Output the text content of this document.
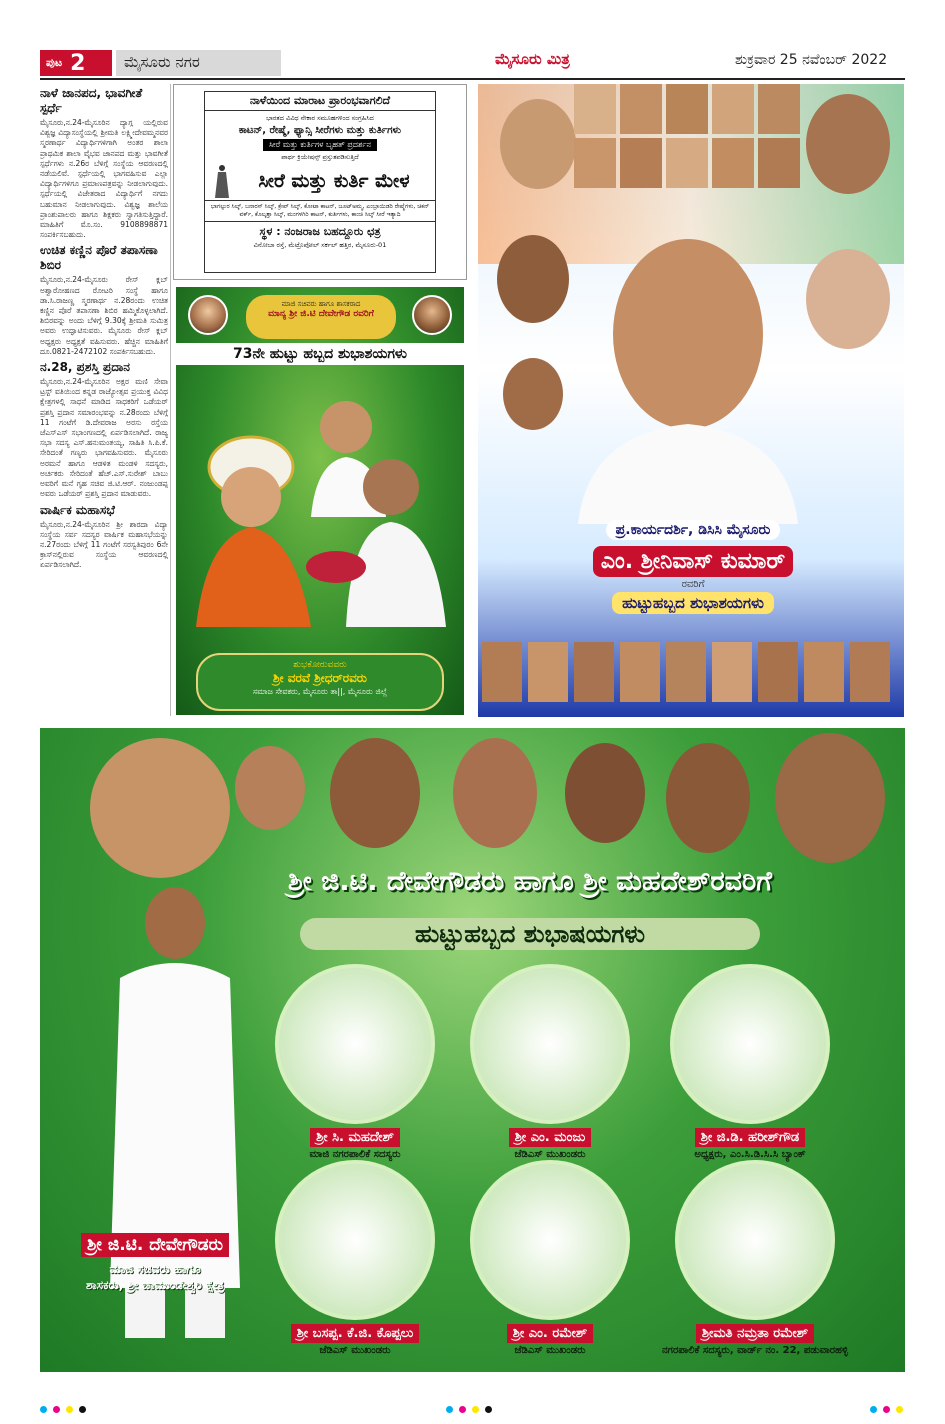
ಪುಟ 2	ಮೈಸೂರು ನಗರ	ಮೈಸೂರು ಮಿತ್ರ	ಶುಕ್ರವಾರ 25 ನವೆಂಬರ್ 2022
ನಾಳೆ ಜಾನಪದ, ಭಾವಗೀತೆ ಸ್ಪರ್ಧೆ

ಮೈಸೂರು,ನ.24-ಮೈಸೂರಿನ ದ್ಯಾಗ್ಗ ಯಲ್ಲಿರುವ ವಿಶ್ವಜ್ಞ ವಿದ್ಯಾಸಂಸ್ಥೆಯಲ್ಲಿ ಶ್ರೀಮತಿ ಲಕ್ಷ್ಮೀದೇವಮ್ಮನವರ ಸ್ಮರಣಾರ್ಥ ವಿದ್ಯಾರ್ಥಿಗಳಿಗಾಗಿ ಅಂತರ ಶಾಲಾ ಪ್ರಾಥಮಿಕ ಶಾಲಾ ವೈಭವ ಜಾನಪದ ಮತ್ತು ಭಾವಗೀತೆ ಸ್ಪರ್ಧೆಗಳು ನ.26ರ ಬೆಳಿಗ್ಗೆ ಸಂಸ್ಥೆಯ ಆವರಣದಲ್ಲಿ ನಡೆಯಲಿವೆ. ಸ್ಪರ್ಧೆಯಲ್ಲಿ ಭಾಗವಹಿಸುವ ಎಲ್ಲಾ ವಿದ್ಯಾರ್ಥಿಗಳಿಗೂ ಪ್ರಮಾಣಪತ್ರವನ್ನು ನೀಡಲಾಗುವುದು. ಸ್ಪರ್ಧೆಯಲ್ಲಿ ವಿಜೇತರಾದ ವಿದ್ಯಾರ್ಥಿಗೆ ನಗದು ಬಹುಮಾನ ನೀಡಲಾಗುವುದು. ವಿಶ್ವಜ್ಞ ಶಾಲೆಯ ಪ್ರಾಂಶುಪಾಲರು ಹಾಗೂ ಶಿಕ್ಷಕರು ಸ್ವಾಗತಿಸುತ್ತಿದ್ದಾರೆ. ಮಾಹಿತಿಗೆ ಮೊ.ಸಂ. 9108898871 ಸಂಪರ್ಕಿಸಬಹುದು.

ಉಚಿತ ಕಣ್ಣಿನ ಪೊರೆ ತಪಾಸಣಾ ಶಿಬಿರ

ಮೈಸೂರು,ನ.24-ಮೈಸೂರು ರೇಸ್ ಕ್ಲಬ್ ಅಶ್ವಾರೋಹಣದ ರೋಟರಿ ಸಂಸ್ಥೆ ಹಾಗೂ ಡಾ.ಸಿ.ರಾಜಣ್ಣ ಸ್ಮರಣಾರ್ಥ ನ.28ರಂದು ಉಚಿತ ಕಣ್ಣಿನ ಪೊರೆ ತಪಾಸಣಾ ಶಿಬಿರ ಹಮ್ಮಿಕೊಳ್ಳಲಾಗಿದೆ. ಶಿಬಿರವನ್ನು ಅಂದು ಬೆಳಿಗ್ಗೆ 9.30ಕ್ಕೆ ಶ್ರೀಮತಿ ಸುಮಿತ್ರ ಅವರು ಉದ್ಘಾಟಿಸುವರು. ಮೈಸೂರು ರೇಸ್ ಕ್ಲಬ್ ಅಧ್ಯಕ್ಷರು ಅಧ್ಯಕ್ಷತೆ ವಹಿಸುವರು. ಹೆಚ್ಚಿನ ಮಾಹಿತಿಗೆ ದೂ.0821-2472102 ಸಂಪರ್ಕಿಸಬಹುದು.

ನ.28, ಪ್ರಶಸ್ತಿ ಪ್ರದಾನ

ಮೈಸೂರು,ನ.24-ಮೈಸೂರಿನ ಅಕ್ಷರ ಮಣಿ ಸೇವಾ ಟ್ರಸ್ಟ್ ವತಿಯಿಂದ ಕನ್ನಡ ರಾಜ್ಯೋತ್ಸವ ಪ್ರಯುಕ್ತ ವಿವಿಧ ಕ್ಷೇತ್ರಗಳಲ್ಲಿ ಸಾಧನೆ ಮಾಡಿದ ಸಾಧಕರಿಗೆ ಒಡೆಯರ್ ಪ್ರಶಸ್ತಿ ಪ್ರದಾನ ಸಮಾರಂಭವನ್ನು ನ.28ರಂದು ಬೆಳಿಗ್ಗೆ 11 ಗಂಟೆಗೆ ಡಿ.ದೇವರಾಜ ಅರಸು ರಸ್ತೆಯ ಜೆಎಸ್‌ಎಸ್ ಸಭಾಂಗಣದಲ್ಲಿ ಏರ್ಪಡಿಸಲಾಗಿದೆ. ರಾಜ್ಯ ಸಭಾ ಸದಸ್ಯ ಎಸ್.ಹನುಮಂತಯ್ಯ, ಸಾಹಿತಿ ಸಿ.ಪಿ.ಕೆ. ಸೇರಿದಂತೆ ಗಣ್ಯರು ಭಾಗವಹಿಸುವರು. ಮೈಸೂರು ಅರಮನೆ ಹಾಗೂ ಆಡಳಿತ ಮಂಡಳಿ ಸದಸ್ಯರು, ಅರ್ಚಕರು ಸೇರಿದಂತೆ ಹೆಚ್.ಎಸ್.ಸುರೇಶ್ ಬಾಬು ಅವರಿಗೆ ಮನೆ ಗೃಹ ಸಚಿವ ಜಿ.ಟಿ.ಆರ್. ನಂಜುಂಡಪ್ಪ ಅವರು ಒಡೆಯರ್ ಪ್ರಶಸ್ತಿ ಪ್ರದಾನ ಮಾಡುವರು.

ವಾರ್ಷಿಕ ಮಹಾಸಭೆ

ಮೈಸೂರು,ನ.24-ಮೈಸೂರಿನ ಶ್ರೀ ಶಾರದಾ ವಿದ್ಯಾ ಸಂಸ್ಥೆಯ ಸರ್ವ ಸದಸ್ಯರ ವಾರ್ಷಿಕ ಮಹಾಸಭೆಯನ್ನು ನ.27ರಂದು ಬೆಳಿಗ್ಗೆ 11 ಗಂಟೆಗೆ ಸರಸ್ವತಿಪುರಂ 6ನೇ ಕ್ರಾಸ್‌ನಲ್ಲಿರುವ ಸಂಸ್ಥೆಯ ಆವರಣದಲ್ಲಿ ಏರ್ಪಡಿಸಲಾಗಿದೆ.

ನಾಳೆಯಿಂದ ಮಾರಾಟ ಪ್ರಾರಂಭವಾಗಲಿದೆ
ಭಾರತದ ವಿವಿಧ ನೇಕಾರ ಸಮೂಹಗಳಿಂದ ಸಂಗ್ರಹಿಸಿದ
ಕಾಟನ್, ರೇಷ್ಮೆ, ಫ್ಯಾನ್ಸಿ ಸೀರೆಗಳು ಮತ್ತು ಕುರ್ತಿಗಳು
ಸೀರೆ ಮತ್ತು ಕುರ್ತಿಗಳ ಬೃಹತ್ ಪ್ರದರ್ಶನ
ಪಾರ್ಥ ಕ್ರಿಯೇಷನ್ಸ್ ಪ್ರಸ್ತುತಪಡಿಸುತ್ತಿದೆ
ಸೀರೆ ಮತ್ತು ಕುರ್ತಿ ಮೇಳ
ಭಾಗಲ್ಪುರ ಸಿಲ್ಕ್, ಬನಾರಸ್ ಸಿಲ್ಕ್, ಕ್ರೇಪ್ ಸಿಲ್ಕ್, ಕೋಟಾ ಕಾಟನ್, ಜೂಟ್‌ಅಮ್ಮ, ಎಂಬ್ರಾಯಿಡರಿ ರೇಷ್ಮೆಗಳು, ಚಿಕನ್ ವರ್ಕ್, ಕೊಲ್ಕತ್ತಾ ಸಿಲ್ಕ್, ಮಂಗಳಗಿರಿ ಕಾಟನ್, ಕುರ್ತಿಗಳು, ಕಾಂಚಿ ಸಿಲ್ಕ್ ಸೀರೆ ಇತ್ಯಾದಿ
ಸ್ಥಳ : ನಂಜರಾಜ ಬಹದ್ದೂರು ಛತ್ರ
ವಿನೋಬಾ ರಸ್ತೆ, ಮೆಟ್ರೊಪೋಲ್ ಸರ್ಕಲ್ ಹತ್ತಿರ, ಮೈಸೂರು-01
ಮಾಜಿ ಸಚಿವರು ಹಾಗೂ ಶಾಸಕರಾದ
ಮಾನ್ಯ ಶ್ರೀ ಜಿ.ಟಿ ದೇವೇಗೌಡ ರವರಿಗೆ
73ನೇ ಹುಟ್ಟು ಹಬ್ಬದ ಶುಭಾಶಯಗಳು
ಶುಭಕೋರುವವರು
ಶ್ರೀ ವರವೆ ಶ್ರೀಧರ್‌ರವರು
ಸಮಾಜ ಸೇವಕರು, ಮೈಸೂರು ತಾ||, ಮೈಸೂರು ಜಿಲ್ಲೆ
ಪ್ರ.ಕಾರ್ಯದರ್ಶಿ, ಡಿಸಿಸಿ ಮೈಸೂರು
ಎಂ. ಶ್ರೀನಿವಾಸ್ ಕುಮಾರ್
ರವರಿಗೆ
ಹುಟ್ಟುಹಬ್ಬದ ಶುಭಾಶಯಗಳು
ಶ್ರೀ ಜಿ.ಟಿ. ದೇವೇಗೌಡರು ಹಾಗೂ ಶ್ರೀ ಮಹದೇಶ್‌ರವರಿಗೆ
ಹುಟ್ಟುಹಬ್ಬದ ಶುಭಾಷಯಗಳು
ಶ್ರೀ ಸಿ. ಮಹದೇಶ್
ಮಾಜಿ ನಗರಪಾಲಿಕೆ ಸದಸ್ಯರು
ಶ್ರೀ ಎಂ. ಮಂಜು
ಜೆಡಿಎಸ್ ಮುಖಂಡರು
ಶ್ರೀ ಜಿ.ಡಿ. ಹರೀಶ್‌ಗೌಡ
ಅಧ್ಯಕ್ಷರು, ಎಂ.ಸಿ.ಡಿ.ಸಿ.ಸಿ ಬ್ಯಾಂಕ್
ಶ್ರೀ ಬಸಪ್ಪ. ಕೆ.ಜಿ. ಕೊಪ್ಪಲು
ಜೆಡಿಎಸ್ ಮುಖಂಡರು
ಶ್ರೀ ಎಂ. ರಮೇಶ್
ಜೆಡಿಎಸ್ ಮುಖಂಡರು
ಶ್ರೀಮತಿ ನಮ್ರತಾ ರಮೇಶ್
ನಗರಪಾಲಿಕೆ ಸದಸ್ಯರು, ವಾರ್ಡ್ ನಂ. 22, ಪಡುವಾರಹಳ್ಳಿ
ಶ್ರೀ ಜಿ.ಟಿ. ದೇವೇಗೌಡರು
ಮಾಜಿ ಸಚಿವರು ಹಾಗೂ
ಶಾಸಕರು, ಶ್ರೀ ಚಾಮುಂಡೇಶ್ವರಿ ಕ್ಷೇತ್ರ
